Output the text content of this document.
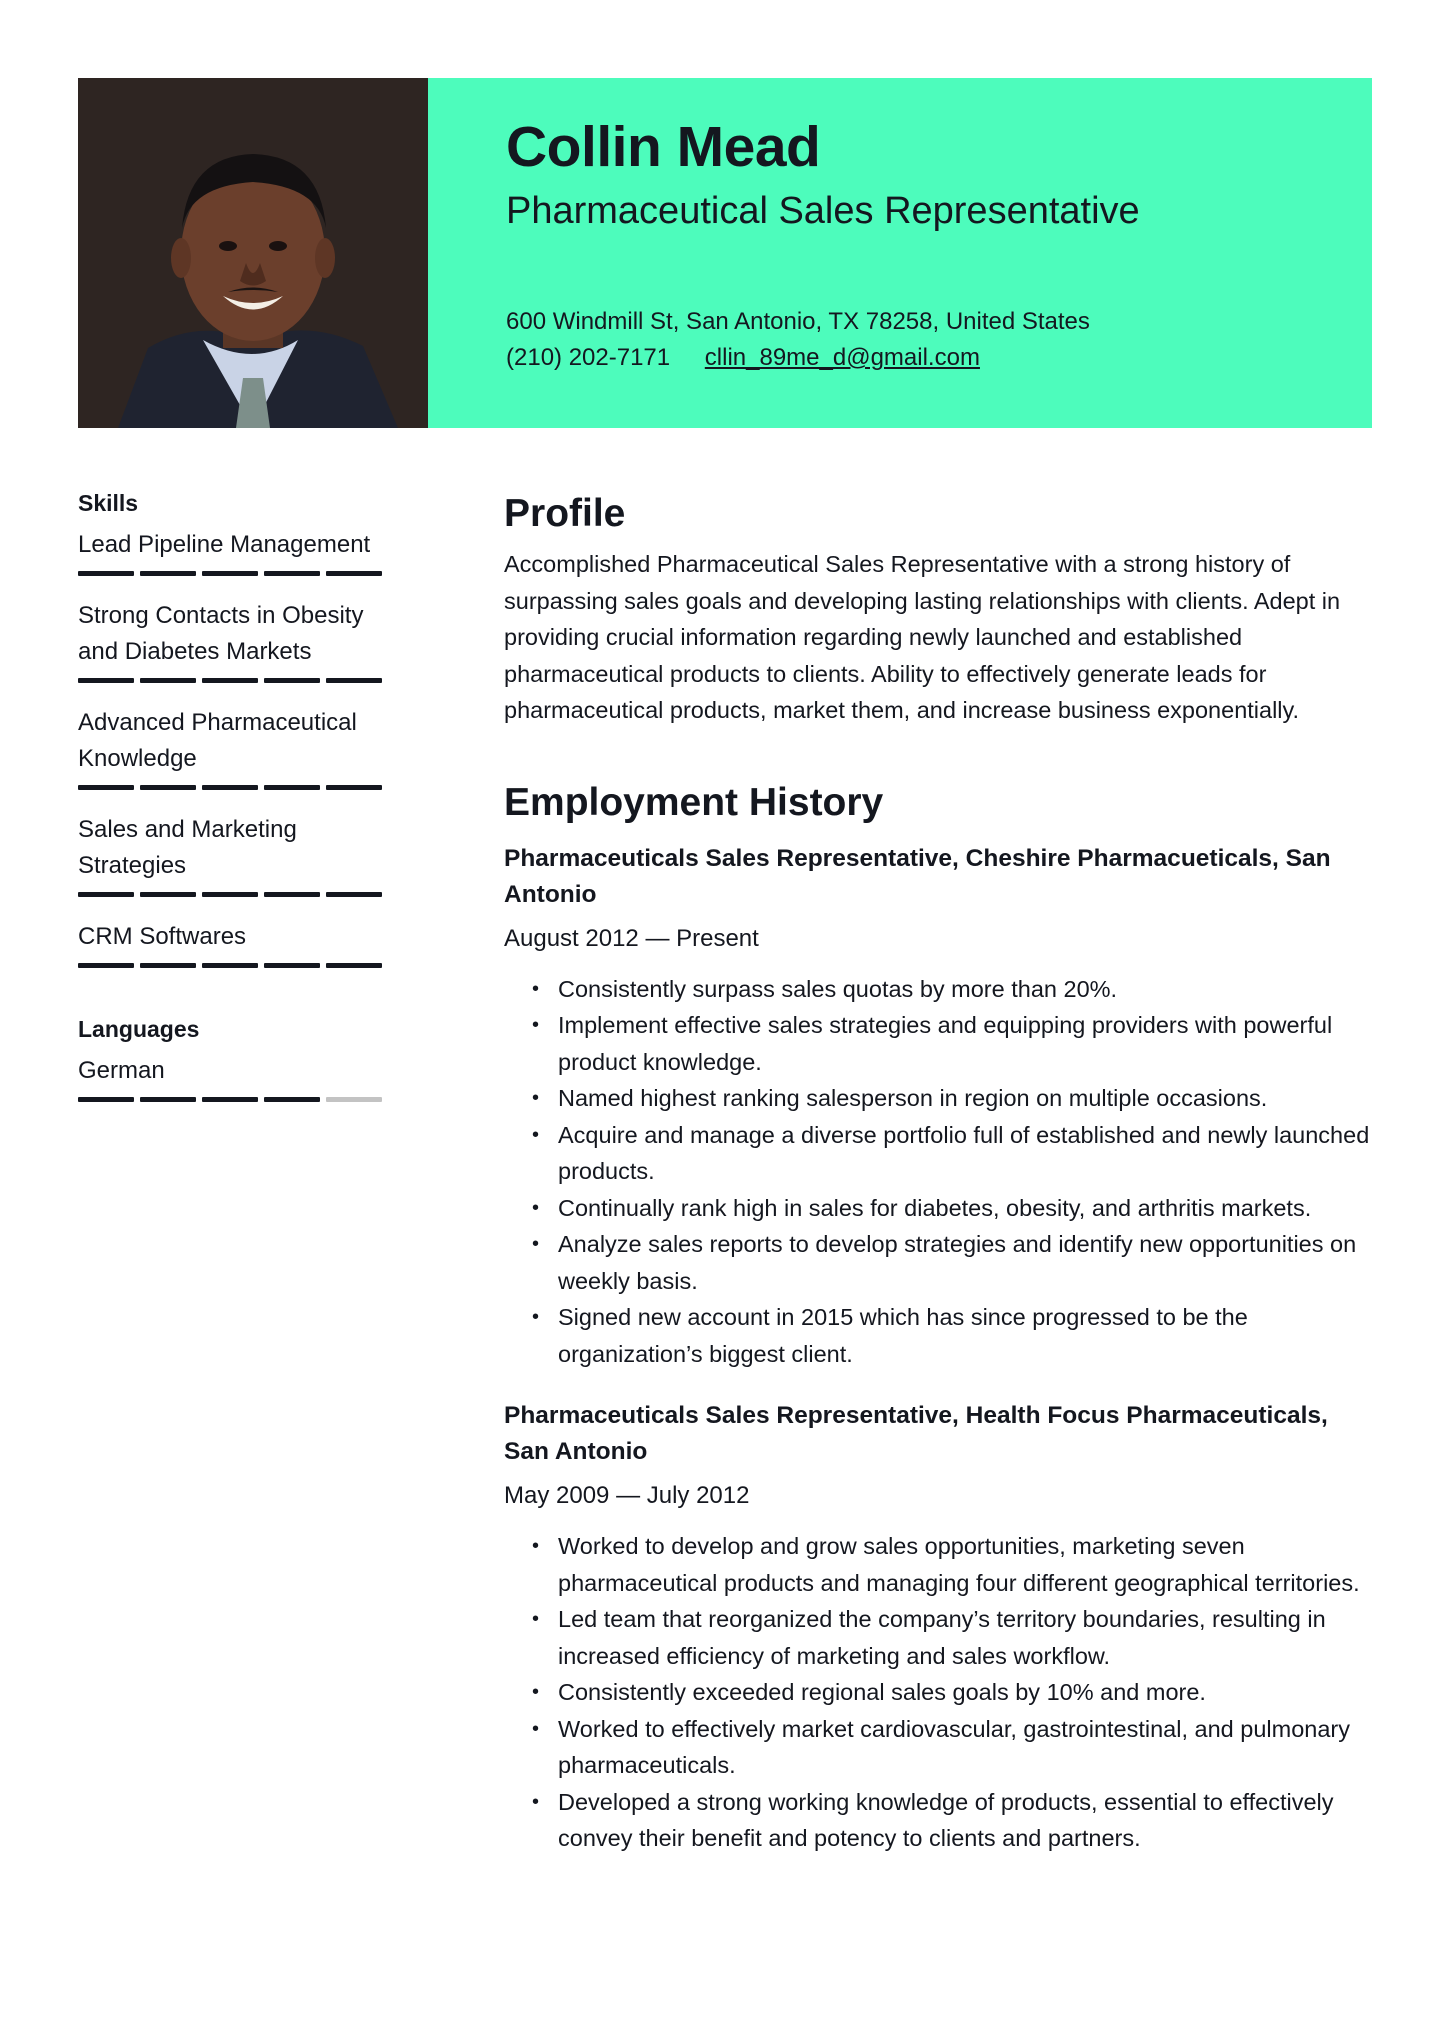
Collin Mead
Pharmaceutical Sales Representative
600 Windmill St, San Antonio, TX 78258, United States
(210) 202-7171 cllin_89me_d@gmail.com
Skills
Lead Pipeline Management
Strong Contacts in Obesity and Diabetes Markets
Advanced Pharmaceutical Knowledge
Sales and Marketing Strategies
CRM Softwares
Languages
German
Profile
Accomplished Pharmaceutical Sales Representative with a strong history of surpassing sales goals and developing lasting relationships with clients. Adept in providing crucial information regarding newly launched and established pharmaceutical products to clients. Ability to effectively generate leads for pharmaceutical products, market them, and increase business exponentially.
Employment History
Pharmaceuticals Sales Representative, Cheshire Pharmacueticals, San Antonio
August 2012 — Present
• Consistently surpass sales quotas by more than 20%.
• Implement effective sales strategies and equipping providers with powerful product knowledge.
• Named highest ranking salesperson in region on multiple occasions.
• Acquire and manage a diverse portfolio full of established and newly launched products.
• Continually rank high in sales for diabetes, obesity, and arthritis markets.
• Analyze sales reports to develop strategies and identify new opportunities on weekly basis.
• Signed new account in 2015 which has since progressed to be the organization’s biggest client.
Pharmaceuticals Sales Representative, Health Focus Pharmaceuticals, San Antonio
May 2009 — July 2012
• Worked to develop and grow sales opportunities, marketing seven pharmaceutical products and managing four different geographical territories.
• Led team that reorganized the company’s territory boundaries, resulting in increased efficiency of marketing and sales workflow.
• Consistently exceeded regional sales goals by 10% and more.
• Worked to effectively market cardiovascular, gastrointestinal, and pulmonary pharmaceuticals.
• Developed a strong working knowledge of products, essential to effectively convey their benefit and potency to clients and partners.
